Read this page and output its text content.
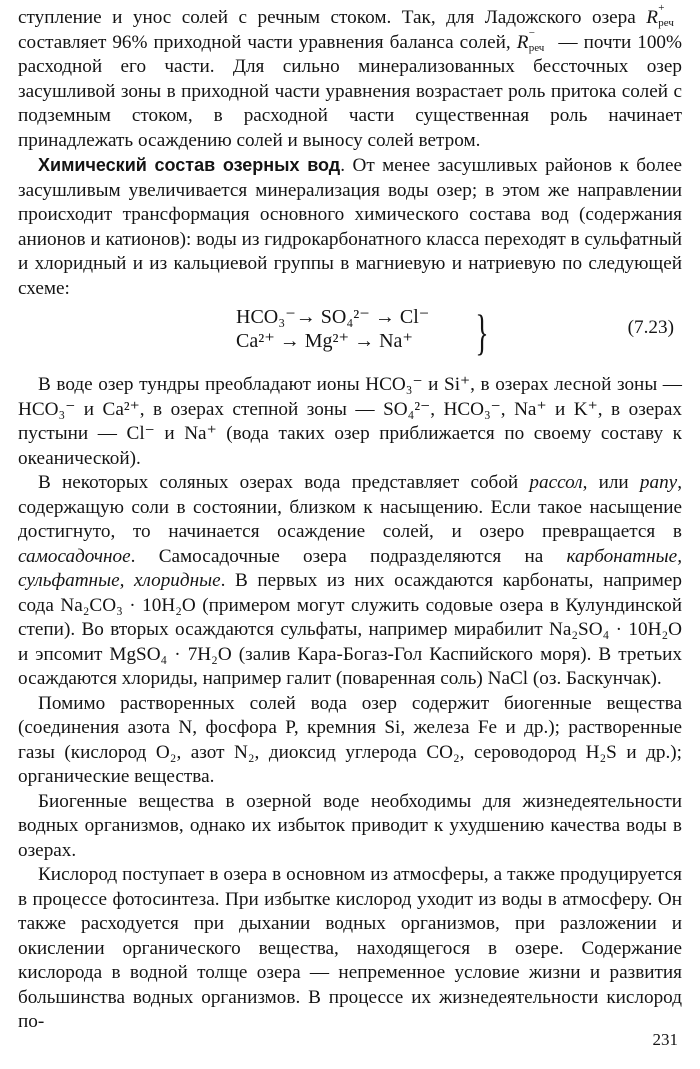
ступление и унос солей с речным стоком. Так, для Ладожского озера R +
реч
составляет 96% приходной части уравнения баланса солей, R −
реч — почти 100% расходной его части. Для сильно минерализованных бессточных озер засушливой зоны в приходной части уравнения возрастает роль притока солей с подземным стоком, в расходной части существенная роль начинает принадлежать осаждению солей и выносу солей ветром.

Химический состав озерных вод. От менее засушливых районов к более засушливым увеличивается минерализация воды озер; в этом же направлении происходит трансформация основного химического состава вод (содержания анионов и катионов): воды из гидрокарбонатного класса переходят в сульфатный и хлоридный и из кальциевой группы в магниевую и натриевую по следующей схеме:

HCO₃⁻→ SO₄²⁻ → Cl⁻
Ca²⁺ → Mg²⁺ → Na⁺	}	(7.23)

В воде озер тундры преобладают ионы HCO₃⁻ и Si⁺, в озерах лесной зоны — HCO₃⁻ и Ca²⁺, в озерах степной зоны — SO₄²⁻, HCO₃⁻, Na⁺ и K⁺, в озерах пустыни — Cl⁻ и Na⁺ (вода таких озер приближается по своему составу к океанической).

В некоторых соляных озерах вода представляет собой рассол, или рапу, содержащую соли в состоянии, близком к насыщению. Если такое насыщение достигнуто, то начинается осаждение солей, и озеро превращается в самосадочное. Самосадочные озера подразделяются на карбонатные, сульфатные, хлоридные. В первых из них осаждаются карбонаты, например сода Na₂CO₃ · 10H₂O (примером могут служить содовые озера в Кулундинской степи). Во вторых осаждаются сульфаты, например мирабилит Na₂SO₄ · 10H₂O и эпсомит MgSO₄ · 7H₂O (залив Кара-Богаз-Гол Каспийского моря). В третьих осаждаются хлориды, например галит (поваренная соль) NaCl (оз. Баскунчак).

Помимо растворенных солей вода озер содержит биогенные вещества (соединения азота N, фосфора P, кремния Si, железа Fe и др.); растворенные газы (кислород O₂, азот N₂, диоксид углерода CO₂, сероводород H₂S и др.); органические вещества.

Биогенные вещества в озерной воде необходимы для жизнедеятельности водных организмов, однако их избыток приводит к ухудшению качества воды в озерах.

Кислород поступает в озера в основном из атмосферы, а также продуцируется в процессе фотосинтеза. При избытке кислород уходит из воды в атмосферу. Он также расходуется при дыхании водных организмов, при разложении и окислении органического вещества, находящегося в озере. Содержание кислорода в водной толще озера — непременное условие жизни и развития большинства водных организмов. В процессе их жизнедеятельности кислород по-

231
